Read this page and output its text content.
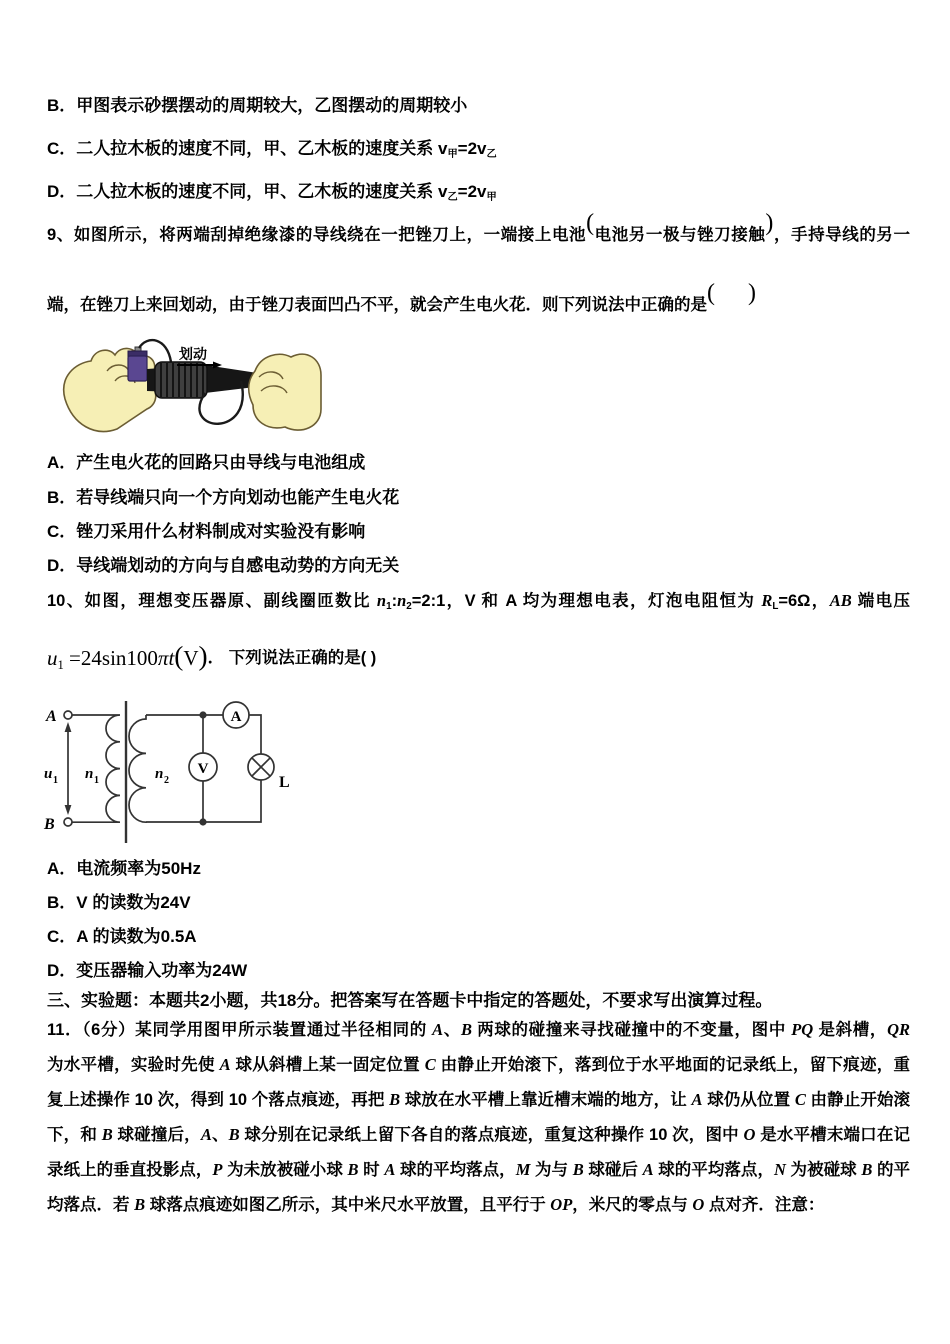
B．甲图表示砂摆摆动的周期较大，乙图摆动的周期较小
C．二人拉木板的速度不同，甲、乙木板的速度关系 v甲=2v乙
D．二人拉木板的速度不同，甲、乙木板的速度关系 v乙=2v甲
9、如图所示，将两端刮掉绝缘漆的导线绕在一把锉刀上，一端接上电池(电池另一极与锉刀接触)，手持导线的另一
端，在锉刀上来回划动，由于锉刀表面凹凸不平，就会产生电火花．则下列说法中正确的是(　　 )
划动
A．产生电火花的回路只由导线与电池组成
B．若导线端只向一个方向划动也能产生电火花
C．锉刀采用什么材料制成对实验没有影响
D．导线端划动的方向与自感电动势的方向无关
10、如图，理想变压器原、副线圈匝数比 n1:n2=2:1，V 和 A 均为理想电表，灯泡电阻恒为 RL=6Ω，AB 端电压
u1 =24sin100πt(V)． 下列说法正确的是( )
A
B
u 1 n 1	n 2
A
V
L
A．电流频率为50Hz
B．V 的读数为24V
C．A 的读数为0.5A
D．变压器输入功率为24W
三、实验题：本题共2小题，共18分。把答案写在答题卡中指定的答题处，不要求写出演算过程。
11．（6分）某同学用图甲所示装置通过半径相同的 A、B 两球的碰撞来寻找碰撞中的不变量，图中 PQ 是斜槽，QR
为水平槽，实验时先使 A 球从斜槽上某一固定位置 C 由静止开始滚下，落到位于水平地面的记录纸上，留下痕迹，重
复上述操作 10 次，得到 10 个落点痕迹，再把 B 球放在水平槽上靠近槽末端的地方，让 A 球仍从位置 C 由静止开始滚
下，和 B 球碰撞后，A、B 球分别在记录纸上留下各自的落点痕迹，重复这种操作 10 次，图中 O 是水平槽末端口在记
录纸上的垂直投影点，P 为未放被碰小球 B 时 A 球的平均落点，M 为与 B 球碰后 A 球的平均落点，N 为被碰球 B 的平
均落点．若 B 球落点痕迹如图乙所示，其中米尺水平放置，且平行于 OP，米尺的零点与 O 点对齐．注意：
